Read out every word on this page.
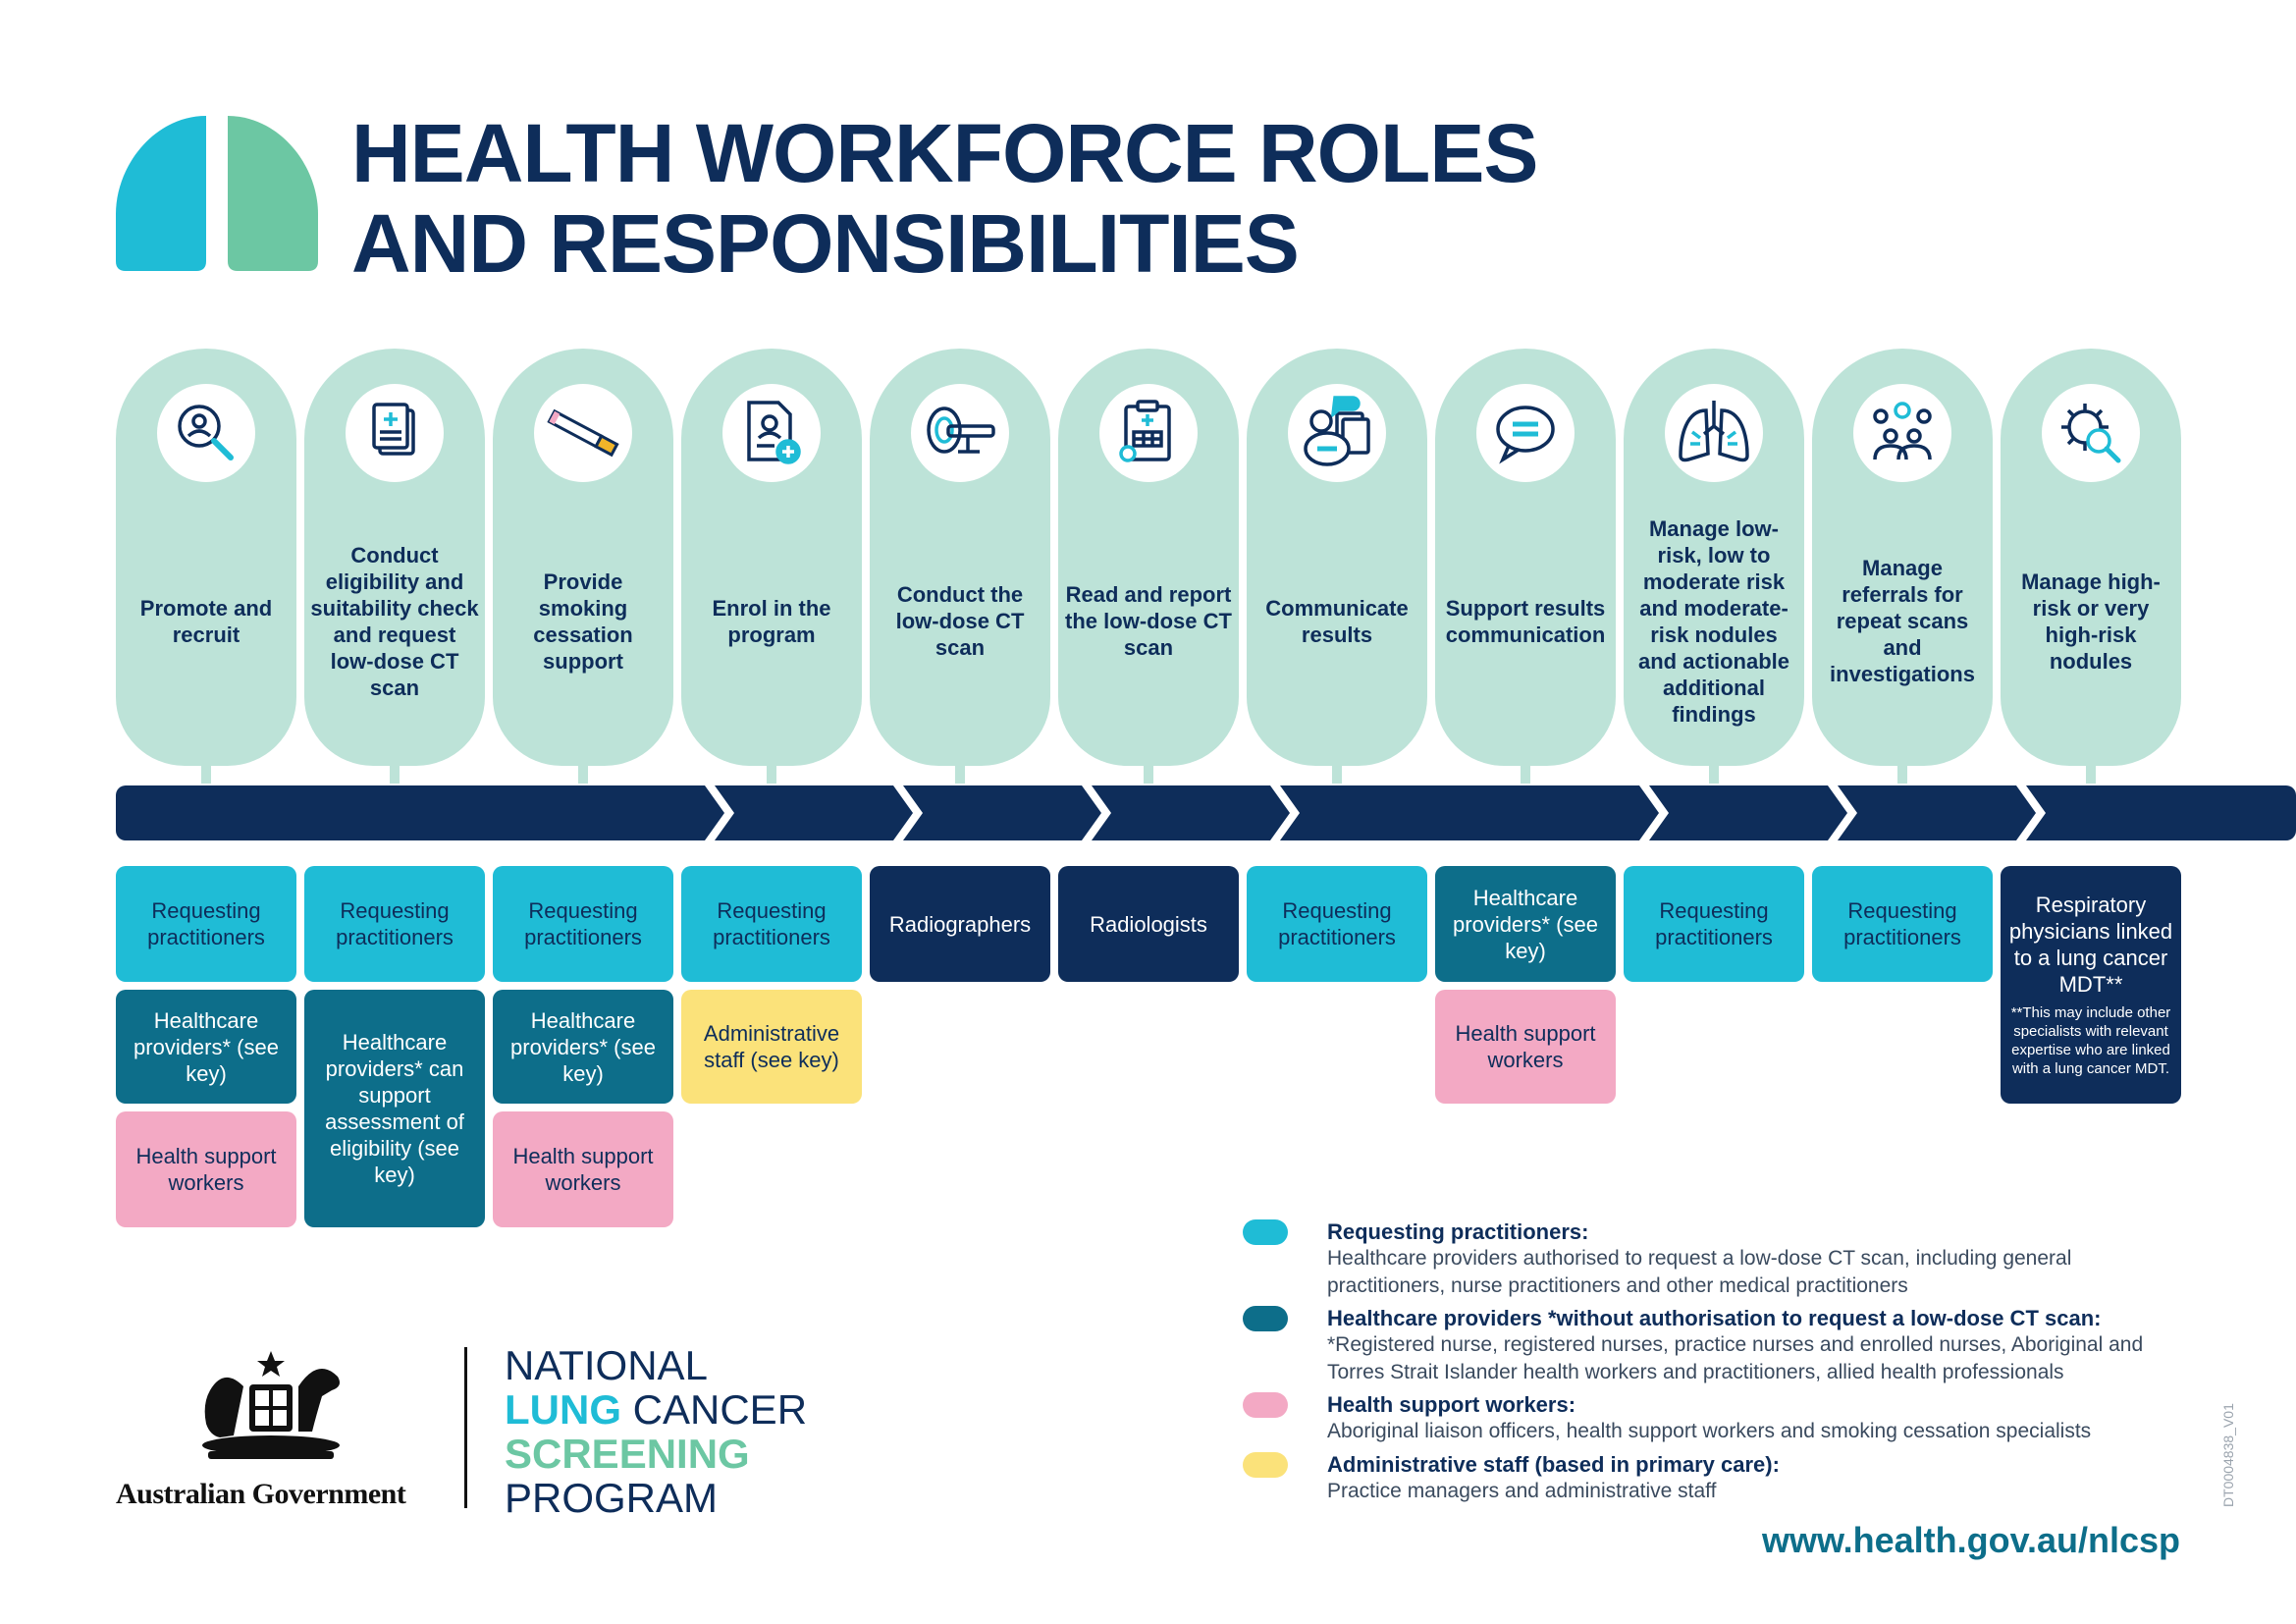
HEALTH WORKFORCE ROLES
AND RESPONSIBILITIES
Promote and recruit
Conduct eligibility and suitability check and request low-dose CT scan
Provide smoking cessation support
Enrol in the program
Conduct the low-dose CT scan
Read and report the low-dose CT scan
Communicate results
Support results communication
Manage low-risk, low to moderate risk and moderate-risk nodules and actionable additional findings
Manage referrals for repeat scans and investigations
Manage high-risk or very high-risk nodules
Requesting practitioners
Healthcare providers* (see key)
Health support workers
Requesting practitioners
Healthcare providers* can support assessment of eligibility (see key)
Requesting practitioners
Healthcare providers* (see key)
Health support workers
Requesting practitioners
Administrative staff (see key)
Radiographers	Radiologists
Requesting practitioners
Healthcare providers* (see key)
Health support workers
Requesting practitioners
Requesting practitioners
Respiratory physicians linked to a lung cancer MDT**
**This may include other specialists with relevant expertise who are linked with a lung cancer MDT.

Requesting practitioners:

Healthcare providers authorised to request a low-dose CT scan, including general practitioners, nurse practitioners and other medical practitioners

Healthcare providers *without authorisation to request a low-dose CT scan:

*Registered nurse, registered nurses, practice nurses and enrolled nurses, Aboriginal and Torres Strait Islander health workers and practitioners, allied health professionals

Health support workers:

Aboriginal liaison officers, health support workers and smoking cessation specialists

Administrative staff (based in primary care):

Practice managers and administrative staff

Australian Government
NATIONAL
LUNG CANCER
SCREENING
PROGRAM	DT0004838_V01
www.health.gov.au/nlcsp
